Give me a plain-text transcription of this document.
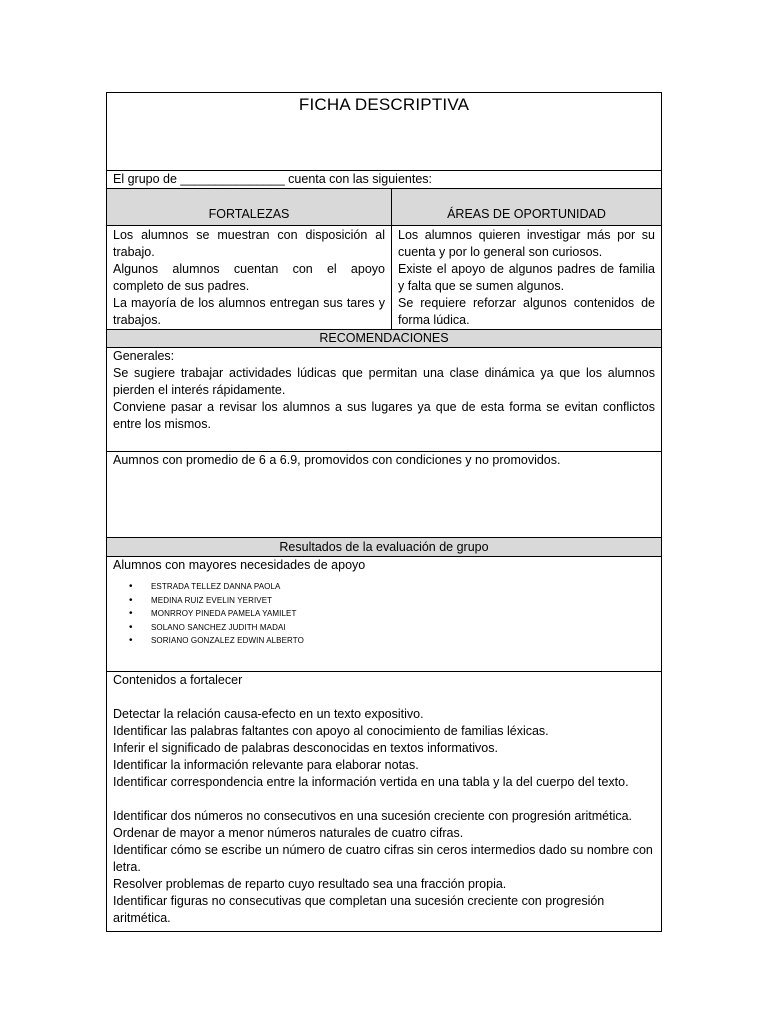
FICHA DESCRIPTIVA
El grupo de _______________ cuenta con las siguientes:
FORTALEZAS	ÁREAS DE OPORTUNIDAD

Los alumnos se muestran con disposición al trabajo.

Algunos alumnos cuentan con el apoyo completo de sus padres.

La mayoría de los alumnos entregan sus tares y trabajos.

Los alumnos quieren investigar más por su cuenta y por lo general son curiosos.

Existe el apoyo de algunos padres de familia y falta que se sumen algunos.

Se requiere reforzar algunos contenidos de forma lúdica.

RECOMENDACIONES

Generales:

Se sugiere trabajar actividades lúdicas que permitan una clase dinámica ya que los alumnos pierden el interés rápidamente.

Conviene pasar a revisar los alumnos a sus lugares ya que de esta forma se evitan conflictos entre los mismos.

Aumnos con promedio de 6 a 6.9, promovidos con condiciones y no promovidos.

Resultados de la evaluación de grupo

Alumnos con mayores necesidades de apoyo

• ESTRADA TELLEZ DANNA PAOLA
• MEDINA RUIZ EVELIN YERIVET
• MONRROY PINEDA PAMELA YAMILET
• SOLANO SANCHEZ JUDITH MADAI
• SORIANO GONZALEZ EDWIN ALBERTO

Contenidos a fortalecer

Detectar la relación causa-efecto en un texto expositivo.

Identificar las palabras faltantes con apoyo al conocimiento de familias léxicas.

Inferir el significado de palabras desconocidas en textos informativos.

Identificar la información relevante para elaborar notas.

Identificar correspondencia entre la información vertida en una tabla y la del cuerpo del texto.

Identificar dos números no consecutivos en una sucesión creciente con progresión aritmética.

Ordenar de mayor a menor números naturales de cuatro cifras.

Identificar cómo se escribe un número de cuatro cifras sin ceros intermedios dado su nombre con letra.

Resolver problemas de reparto cuyo resultado sea una fracción propia.

Identificar figuras no consecutivas que completan una sucesión creciente con progresión aritmética.
